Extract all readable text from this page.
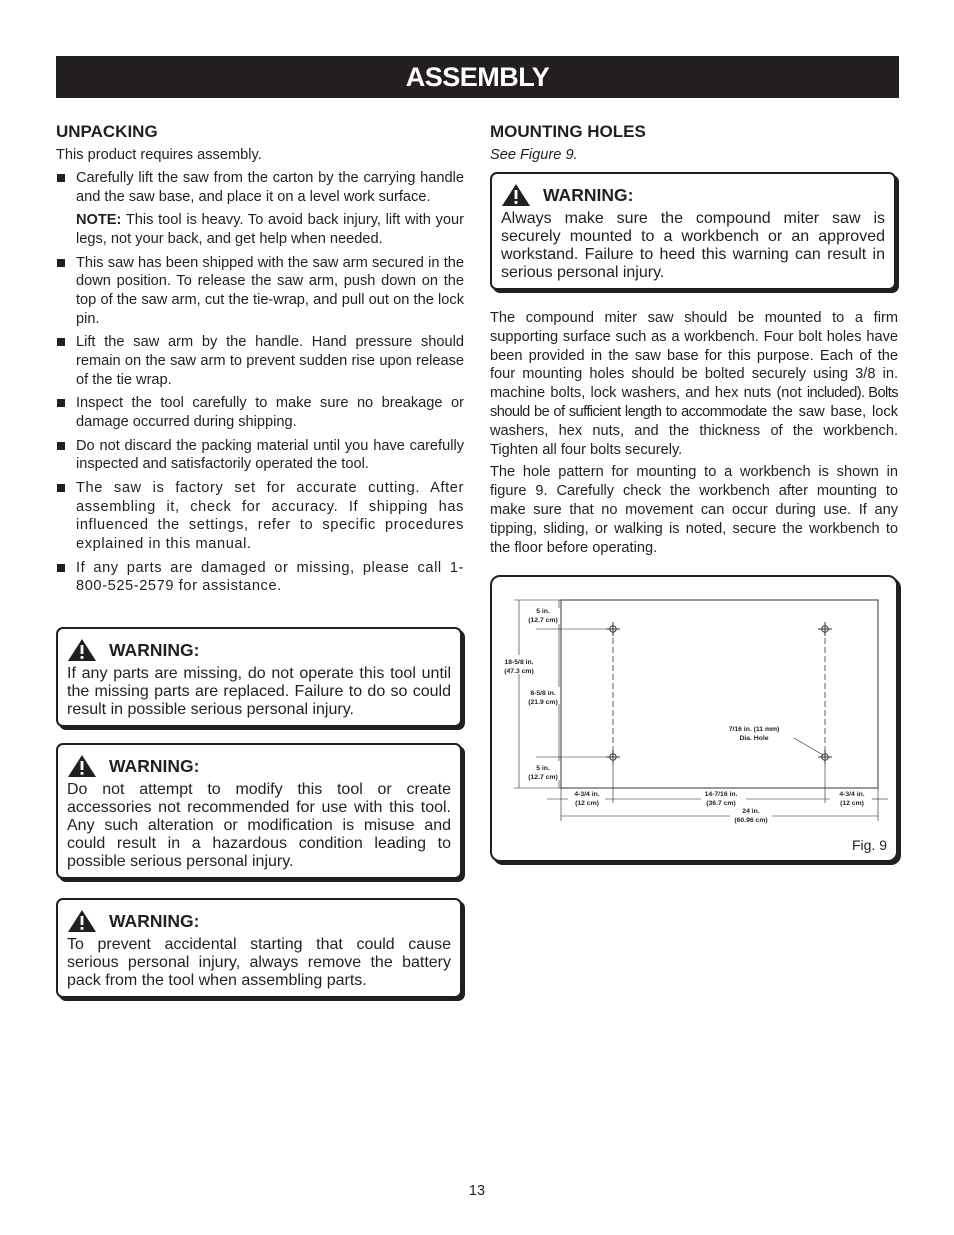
ASSEMBLY
UNPACKING

This product requires assembly.

Carefully lift the saw from the carton by the carrying handle and the saw base, and place it on a level work surface.

NOTE: This tool is heavy. To avoid back injury, lift with your legs, not your back, and get help when needed.

This saw has been shipped with the saw arm secured in the down position. To release the saw arm, push down on the top of the saw arm, cut the tie-wrap, and pull out on the lock pin.
Lift the saw arm by the handle. Hand pressure should remain on the saw arm to prevent sudden rise upon release of the tie wrap.
Inspect the tool carefully to make sure no breakage or damage occurred during shipping.
Do not discard the packing material until you have carefully inspected and satisfactorily operated the tool.
The saw is factory set for accurate cutting. After assembling it, check for accuracy. If shipping has influenced the settings, refer to specific procedures explained in this manual.
If any parts are damaged or missing, please call 1-800-525-2579 for assistance.
WARNING:

If any parts are missing, do not operate this tool until the missing parts are replaced. Failure to do so could result in possible serious personal injury.

WARNING:

Do not attempt to modify this tool or create accessories not recommended for use with this tool. Any such alteration or modification is misuse and could result in a hazardous condition leading to possible serious personal injury.

WARNING:

To prevent accidental starting that could cause serious personal injury, always remove the battery pack from the tool when assembling parts.

MOUNTING HOLES

See Figure 9.

WARNING:

Always make sure the compound miter saw is securely mounted to a workbench or an approved workstand. Failure to heed this warning can result in serious personal injury.

The compound miter saw should be mounted to a firm supporting surface such as a workbench. Four bolt holes have been provided in the saw base for this purpose. Each of the four mounting holes should be bolted securely using 3/8 in. machine bolts, lock washers, and hex nuts (not included). Bolts should be of sufficient length to accommodate the saw base, lock washers, hex nuts, and the thickness of the workbench. Tighten all four bolts securely.

The hole pattern for mounting to a workbench is shown in figure 9. Carefully check the workbench after mounting to make sure that no movement can occur during use. If any tipping, sliding, or walking is noted, secure the workbench to the floor before operating.

5 in.
(12.7 cm)
18-5/8 in.
(47.3 cm)
8-5/8 in.
(21.9 cm)
5 in.
(12.7 cm)
7/16 in. (11 mm)
Dia. Hole
4-3/4 in.
(12 cm)
14-7/16 in.
(36.7 cm)
4-3/4 in.
(12 cm)
24 in.
(60.96 cm)
Fig. 9
13
